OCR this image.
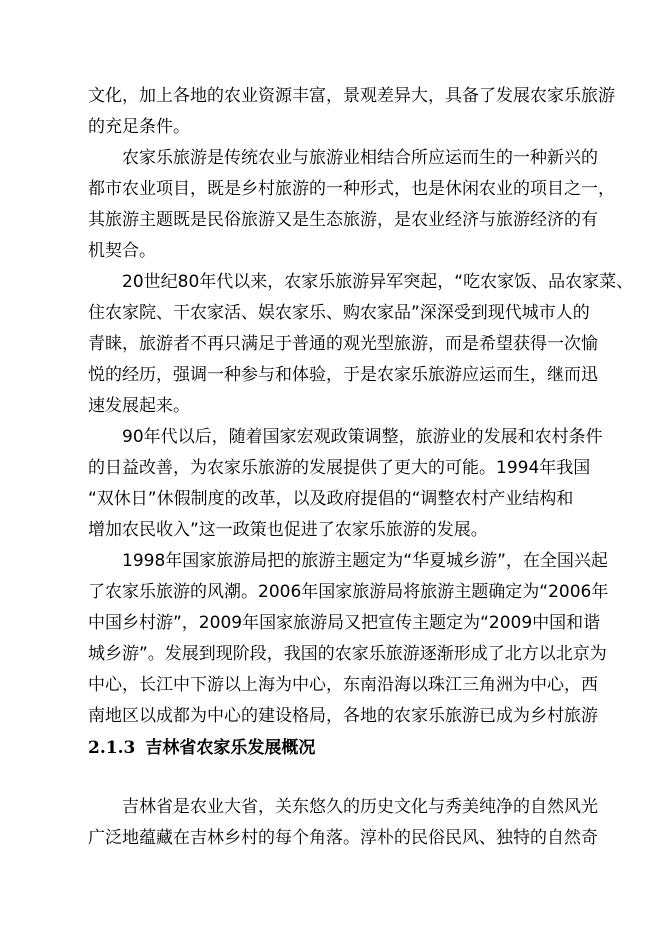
文化，加上各地的农业资源丰富，景观差异大，具备了发展农家乐旅游
的充足条件。
农家乐旅游是传统农业与旅游业相结合所应运而生的一种新兴的
都市农业项目，既是乡村旅游的一种形式，也是休闲农业的项目之一，
其旅游主题既是民俗旅游又是生态旅游，是农业经济与旅游经济的有
机契合。
20世纪80年代以来，农家乐旅游异军突起，“吃农家饭、品农家菜、
住农家院、干农家活、娱农家乐、购农家品”深深受到现代城市人的
青睐，旅游者不再只满足于普通的观光型旅游，而是希望获得一次愉
悦的经历，强调一种参与和体验，于是农家乐旅游应运而生，继而迅
速发展起来。
90年代以后，随着国家宏观政策调整，旅游业的发展和农村条件
的日益改善，为农家乐旅游的发展提供了更大的可能。1994年我国
“双休日”休假制度的改革，以及政府提倡的“调整农村产业结构和
增加农民收入”这一政策也促进了农家乐旅游的发展。
1998年国家旅游局把的旅游主题定为“华夏城乡游”，在全国兴起
了农家乐旅游的风潮。2006年国家旅游局将旅游主题确定为“2006年
中国乡村游”，2009年国家旅游局又把宣传主题定为“2009中国和谐
城乡游”。发展到现阶段，我国的农家乐旅游逐渐形成了北方以北京为
中心，长江中下游以上海为中心，东南沿海以珠江三角洲为中心，西
南地区以成都为中心的建设格局，各地的农家乐旅游已成为乡村旅游
2.1.3 吉林省农家乐发展概况
吉林省是农业大省，关东悠久的历史文化与秀美纯净的自然风光
广泛地蕴藏在吉林乡村的每个角落。淳朴的民俗民风、独特的自然奇
